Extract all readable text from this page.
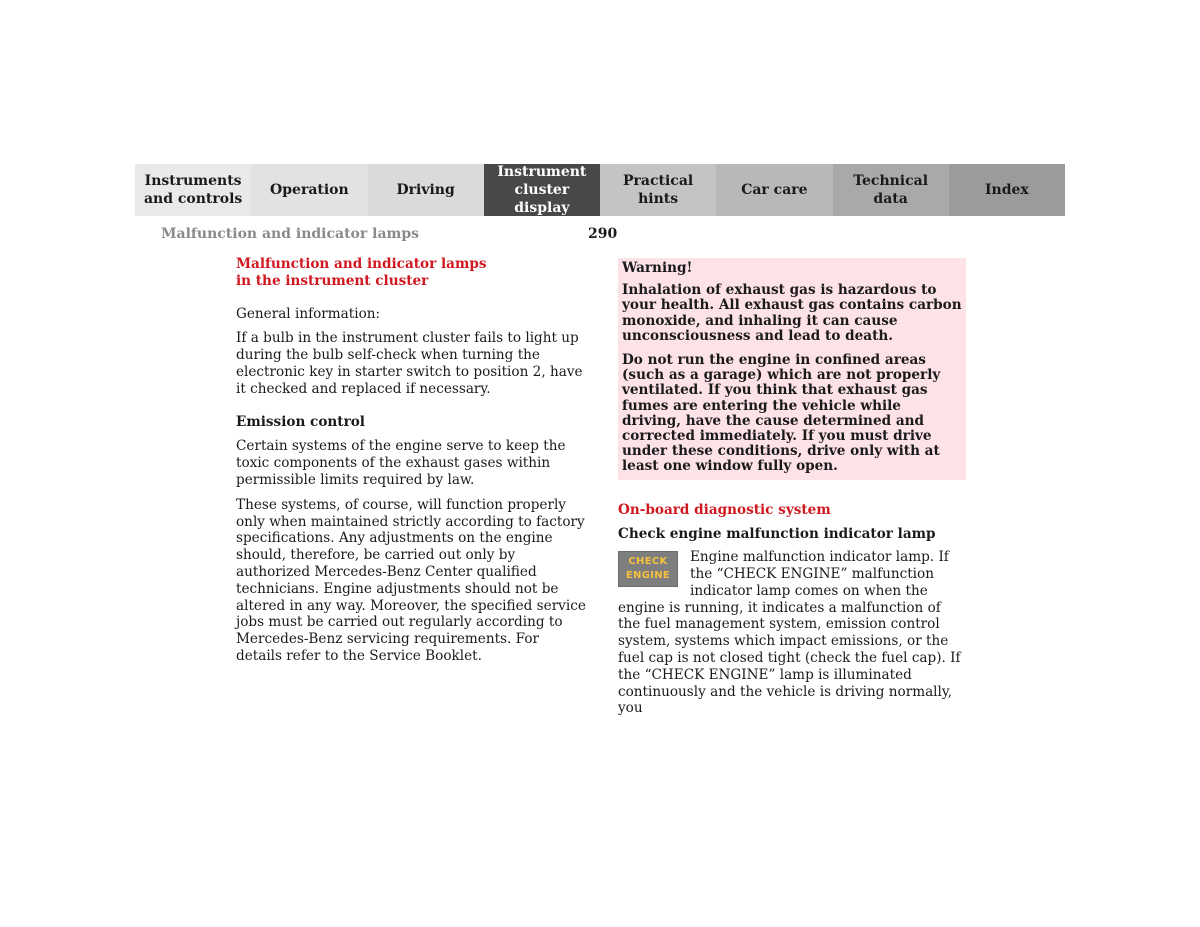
Instruments
and controls
Operation	Driving
Instrument
cluster display
Practical hints
Car care
Technical
data
Index
Malfunction and indicator lamps	290
Malfunction and indicator lamps
in the instrument cluster

General information:

If a bulb in the instrument cluster fails to light up during the bulb self-check when turning the electronic key in starter switch to position 2, have it checked and replaced if necessary.

Emission control

Certain systems of the engine serve to keep the toxic components of the exhaust gases within permissible limits required by law.

These systems, of course, will function properly only when maintained strictly according to factory specifications. Any adjustments on the engine should, therefore, be carried out only by authorized Mercedes-Benz Center qualified technicians. Engine adjustments should not be altered in any way. Moreover, the specified service jobs must be carried out regularly according to Mercedes-Benz servicing requirements. For details refer to the Service Booklet.

Warning!

Inhalation of exhaust gas is hazardous to your health. All exhaust gas contains carbon monoxide, and inhaling it can cause unconsciousness and lead to death.

Do not run the engine in confined areas (such as a garage) which are not properly ventilated. If you think that exhaust gas fumes are entering the vehicle while driving, have the cause determined and corrected immediately. If you must drive under these conditions, drive only with at least one window fully open.

On-board diagnostic system

Check engine malfunction indicator lamp

CHECK
ENGINE

Engine malfunction indicator lamp. If the “CHECK ENGINE” malfunction indicator lamp comes on when the engine is running, it indicates a malfunction of the fuel management system, emission control system, systems which impact emissions, or the fuel cap is not closed tight (check the fuel cap). If the “CHECK ENGINE” lamp is illuminated continuously and the vehicle is driving normally, you
